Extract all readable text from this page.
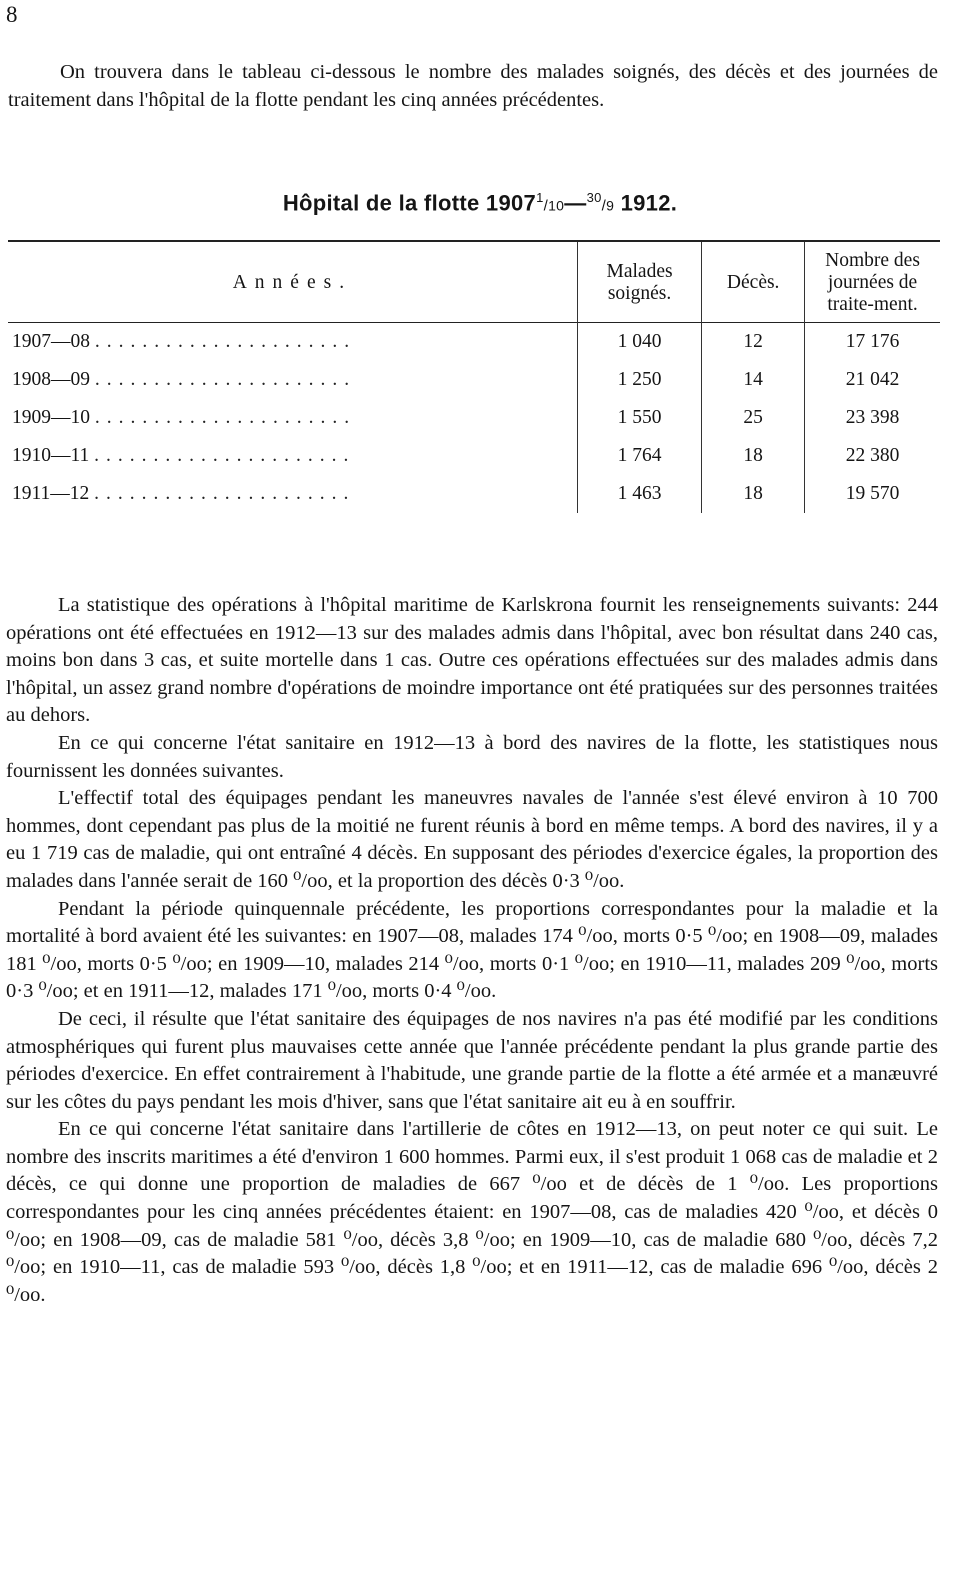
8

On trouvera dans le tableau ci-dessous le nombre des malades soignés, des décès et des journées de traitement dans l'hôpital de la flotte pendant les cinq années précédentes.

Hôpital de la flotte 1907$^1$/10—$^{30}$/9 1912.
Années.	Malades soignés.	Décès.	Nombre des journées de traite-ment.
1907—08 ......................	1 040	12	17 176
1908—09 ......................	1 250	14	21 042
1909—10 ......................	1 550	25	23 398
1910—11 ......................	1 764	18	22 380
1911—12 ......................	1 463	18	19 570

La statistique des opérations à l'hôpital maritime de Karlskrona fournit les renseignements suivants: 244 opérations ont été effectuées en 1912—13 sur des malades admis dans l'hôpital, avec bon résultat dans 240 cas, moins bon dans 3 cas, et suite mortelle dans 1 cas. Outre ces opérations effectuées sur des malades admis dans l'hôpital, un assez grand nombre d'opérations de moindre importance ont été pratiquées sur des personnes traitées au dehors.

En ce qui concerne l'état sanitaire en 1912—13 à bord des navires de la flotte, les statistiques nous fournissent les données suivantes.

L'effectif total des équipages pendant les maneuvres navales de l'année s'est élevé environ à 10 700 hommes, dont cependant pas plus de la moitié ne furent réunis à bord en même temps. A bord des navires, il y a eu 1 719 cas de maladie, qui ont entraîné 4 décès. En supposant des périodes d'exercice égales, la proportion des malades dans l'année serait de 160 ⁰/oo, et la proportion des décès 0·3 ⁰/oo.

Pendant la période quinquennale précédente, les proportions correspondantes pour la maladie et la mortalité à bord avaient été les suivantes: en 1907—08, malades 174 ⁰/oo, morts 0·5 ⁰/oo; en 1908—09, malades 181 ⁰/oo, morts 0·5 ⁰/oo; en 1909—10, malades 214 ⁰/oo, morts 0·1 ⁰/oo; en 1910—11, malades 209 ⁰/oo, morts 0·3 ⁰/oo; et en 1911—12, malades 171 ⁰/oo, morts 0·4 ⁰/oo.

De ceci, il résulte que l'état sanitaire des équipages de nos navires n'a pas été modifié par les conditions atmosphériques qui furent plus mauvaises cette année que l'année précédente pendant la plus grande partie des périodes d'exercice. En effet contrairement à l'habitude, une grande partie de la flotte a été armée et a manæuvré sur les côtes du pays pendant les mois d'hiver, sans que l'état sanitaire ait eu à en souffrir.

En ce qui concerne l'état sanitaire dans l'artillerie de côtes en 1912—13, on peut noter ce qui suit. Le nombre des inscrits maritimes a été d'environ 1 600 hommes. Parmi eux, il s'est produit 1 068 cas de maladie et 2 décès, ce qui donne une proportion de maladies de 667 ⁰/oo et de décès de 1 ⁰/oo. Les proportions correspondantes pour les cinq années précédentes étaient: en 1907—08, cas de maladies 420 ⁰/oo, et décès 0 ⁰/oo; en 1908—09, cas de maladie 581 ⁰/oo, décès 3,8 ⁰/oo; en 1909—10, cas de maladie 680 ⁰/oo, décès 7,2 ⁰/oo; en 1910—11, cas de maladie 593 ⁰/oo, décès 1,8 ⁰/oo; et en 1911—12, cas de maladie 696 ⁰/oo, décès 2 ⁰/oo.
